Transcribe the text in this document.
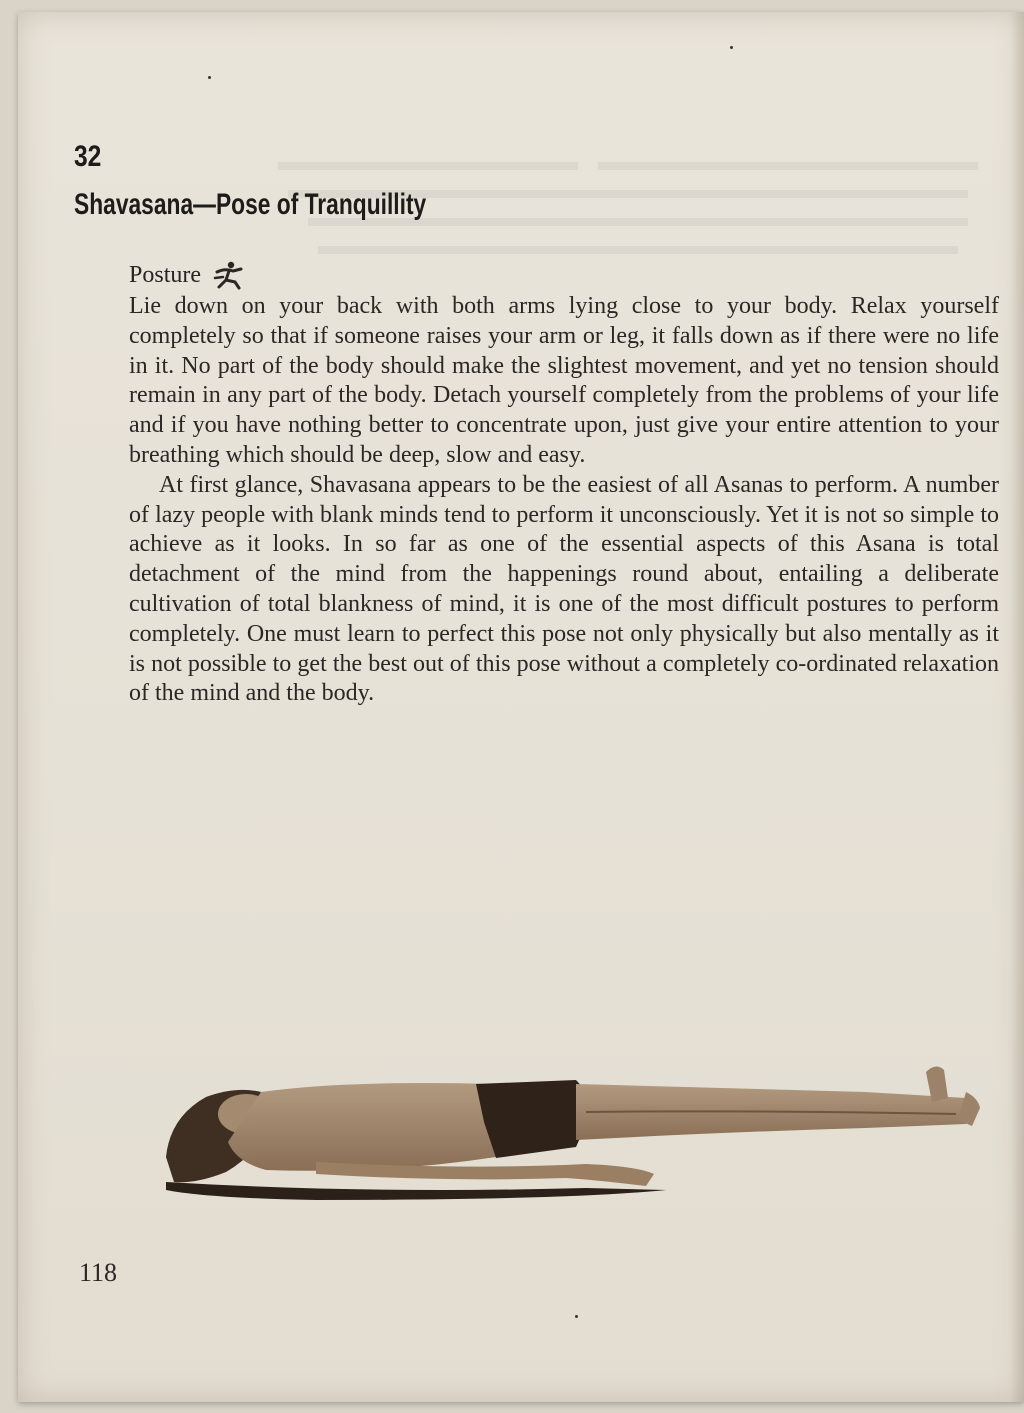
32
Shavasana—Pose of Tranquillity
Posture

Lie down on your back with both arms lying close to your body. Relax yourself completely so that if someone raises your arm or leg, it falls down as if there were no life in it. No part of the body should make the slightest movement, and yet no tension should remain in any part of the body. Detach yourself completely from the problems of your life and if you have nothing better to concentrate upon, just give your entire attention to your breathing which should be deep, slow and easy.

At first glance, Shavasana appears to be the easiest of all Asanas to perform. A number of lazy people with blank minds tend to perform it unconsciously. Yet it is not so simple to achieve as it looks. In so far as one of the essential aspects of this Asana is total detachment of the mind from the happenings round about, entailing a deliberate cultivation of total blankness of mind, it is one of the most difficult postures to perform completely. One must learn to perfect this pose not only physically but also mentally as it is not possible to get the best out of this pose without a completely co-ordinated relaxation of the mind and the body.

118
